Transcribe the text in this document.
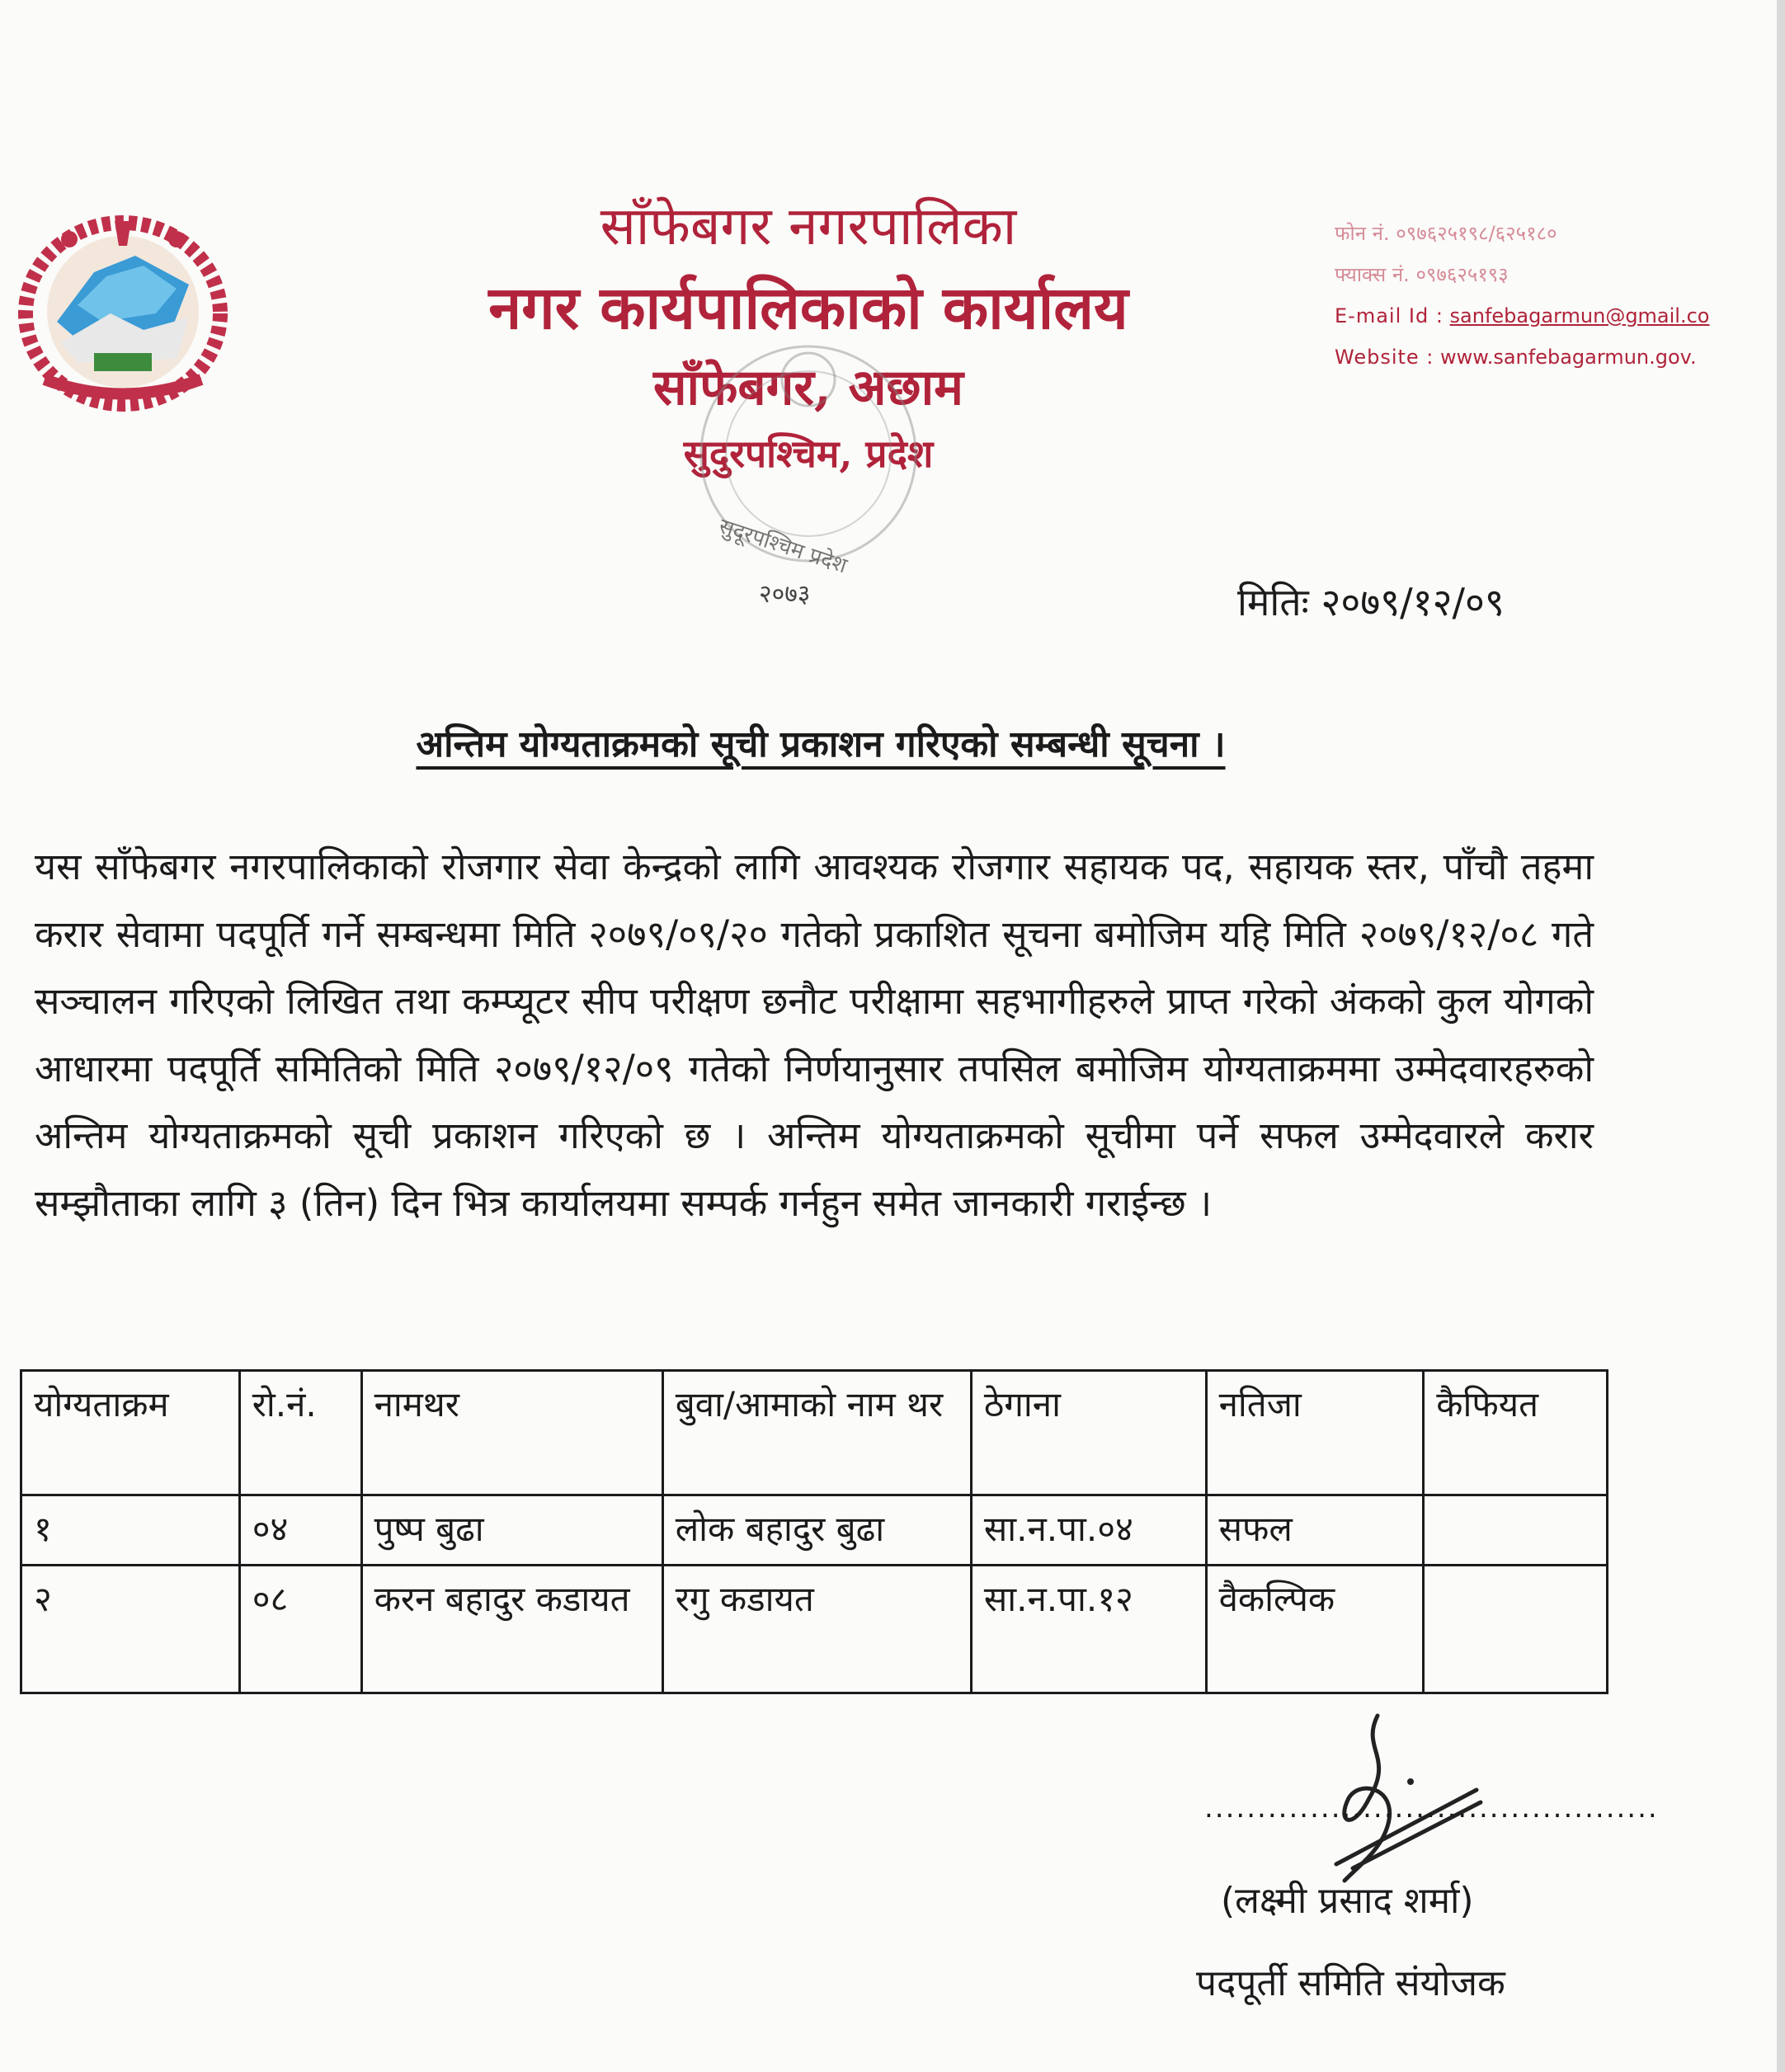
साँफेबगर नगरपालिका
नगर कार्यपालिकाको कार्यालय
साँफेबगर, अछाम
सुदुरपश्चिम, प्रदेश
फोन नं. ०९७६२५१९८/६२५१८०
फ्याक्स नं. ०९७६२५१९३
E-mail Id : sanfebagarmun@gmail.co
Website : www.sanfebagarmun.gov.
सुदूरपश्चिम प्रदेश
२०७३	मितिः २०७९/१२/०९
अन्तिम योग्यताक्रमको सूची प्रकाशन गरिएको सम्बन्धी सूचना ।
यस साँफेबगर नगरपालिकाको रोजगार सेवा केन्द्रको लागि आवश्यक रोजगार सहायक पद, सहायक स्तर, पाँचौ तहमा करार सेवामा पदपूर्ति गर्ने सम्बन्धमा मिति २०७९/०९/२० गतेको प्रकाशित सूचना बमोजिम यहि मिति २०७९/१२/०८ गते सञ्चालन गरिएको लिखित तथा कम्प्यूटर सीप परीक्षण छनौट परीक्षामा सहभागीहरुले प्राप्त गरेको अंकको कुल योगको आधारमा पदपूर्ति समितिको मिति २०७९/१२/०९ गतेको निर्णयानुसार तपसिल बमोजिम योग्यताक्रममा उम्मेदवारहरुको अन्तिम योग्यताक्रमको सूची प्रकाशन गरिएको छ । अन्तिम योग्यताक्रमको सूचीमा पर्ने सफल उम्मेदवारले करार सम्झौताका लागि ३ (तिन) दिन भित्र कार्यालयमा सम्पर्क गर्नहुन समेत जानकारी गराईन्छ ।
योग्यताक्रम	रो.नं.	नामथर	बुवा/आमाको नाम थर	ठेगाना	नतिजा	कैफियत
१	०४	पुष्प बुढा	लोक बहादुर बुढा	सा.न.पा.०४	सफल	
२	०८	करन बहादुर कडायत	रगु कडायत	सा.न.पा.१२	वैकल्पिक	
...........................................
(लक्ष्मी प्रसाद शर्मा)
पदपूर्ती समिति संयोजक
